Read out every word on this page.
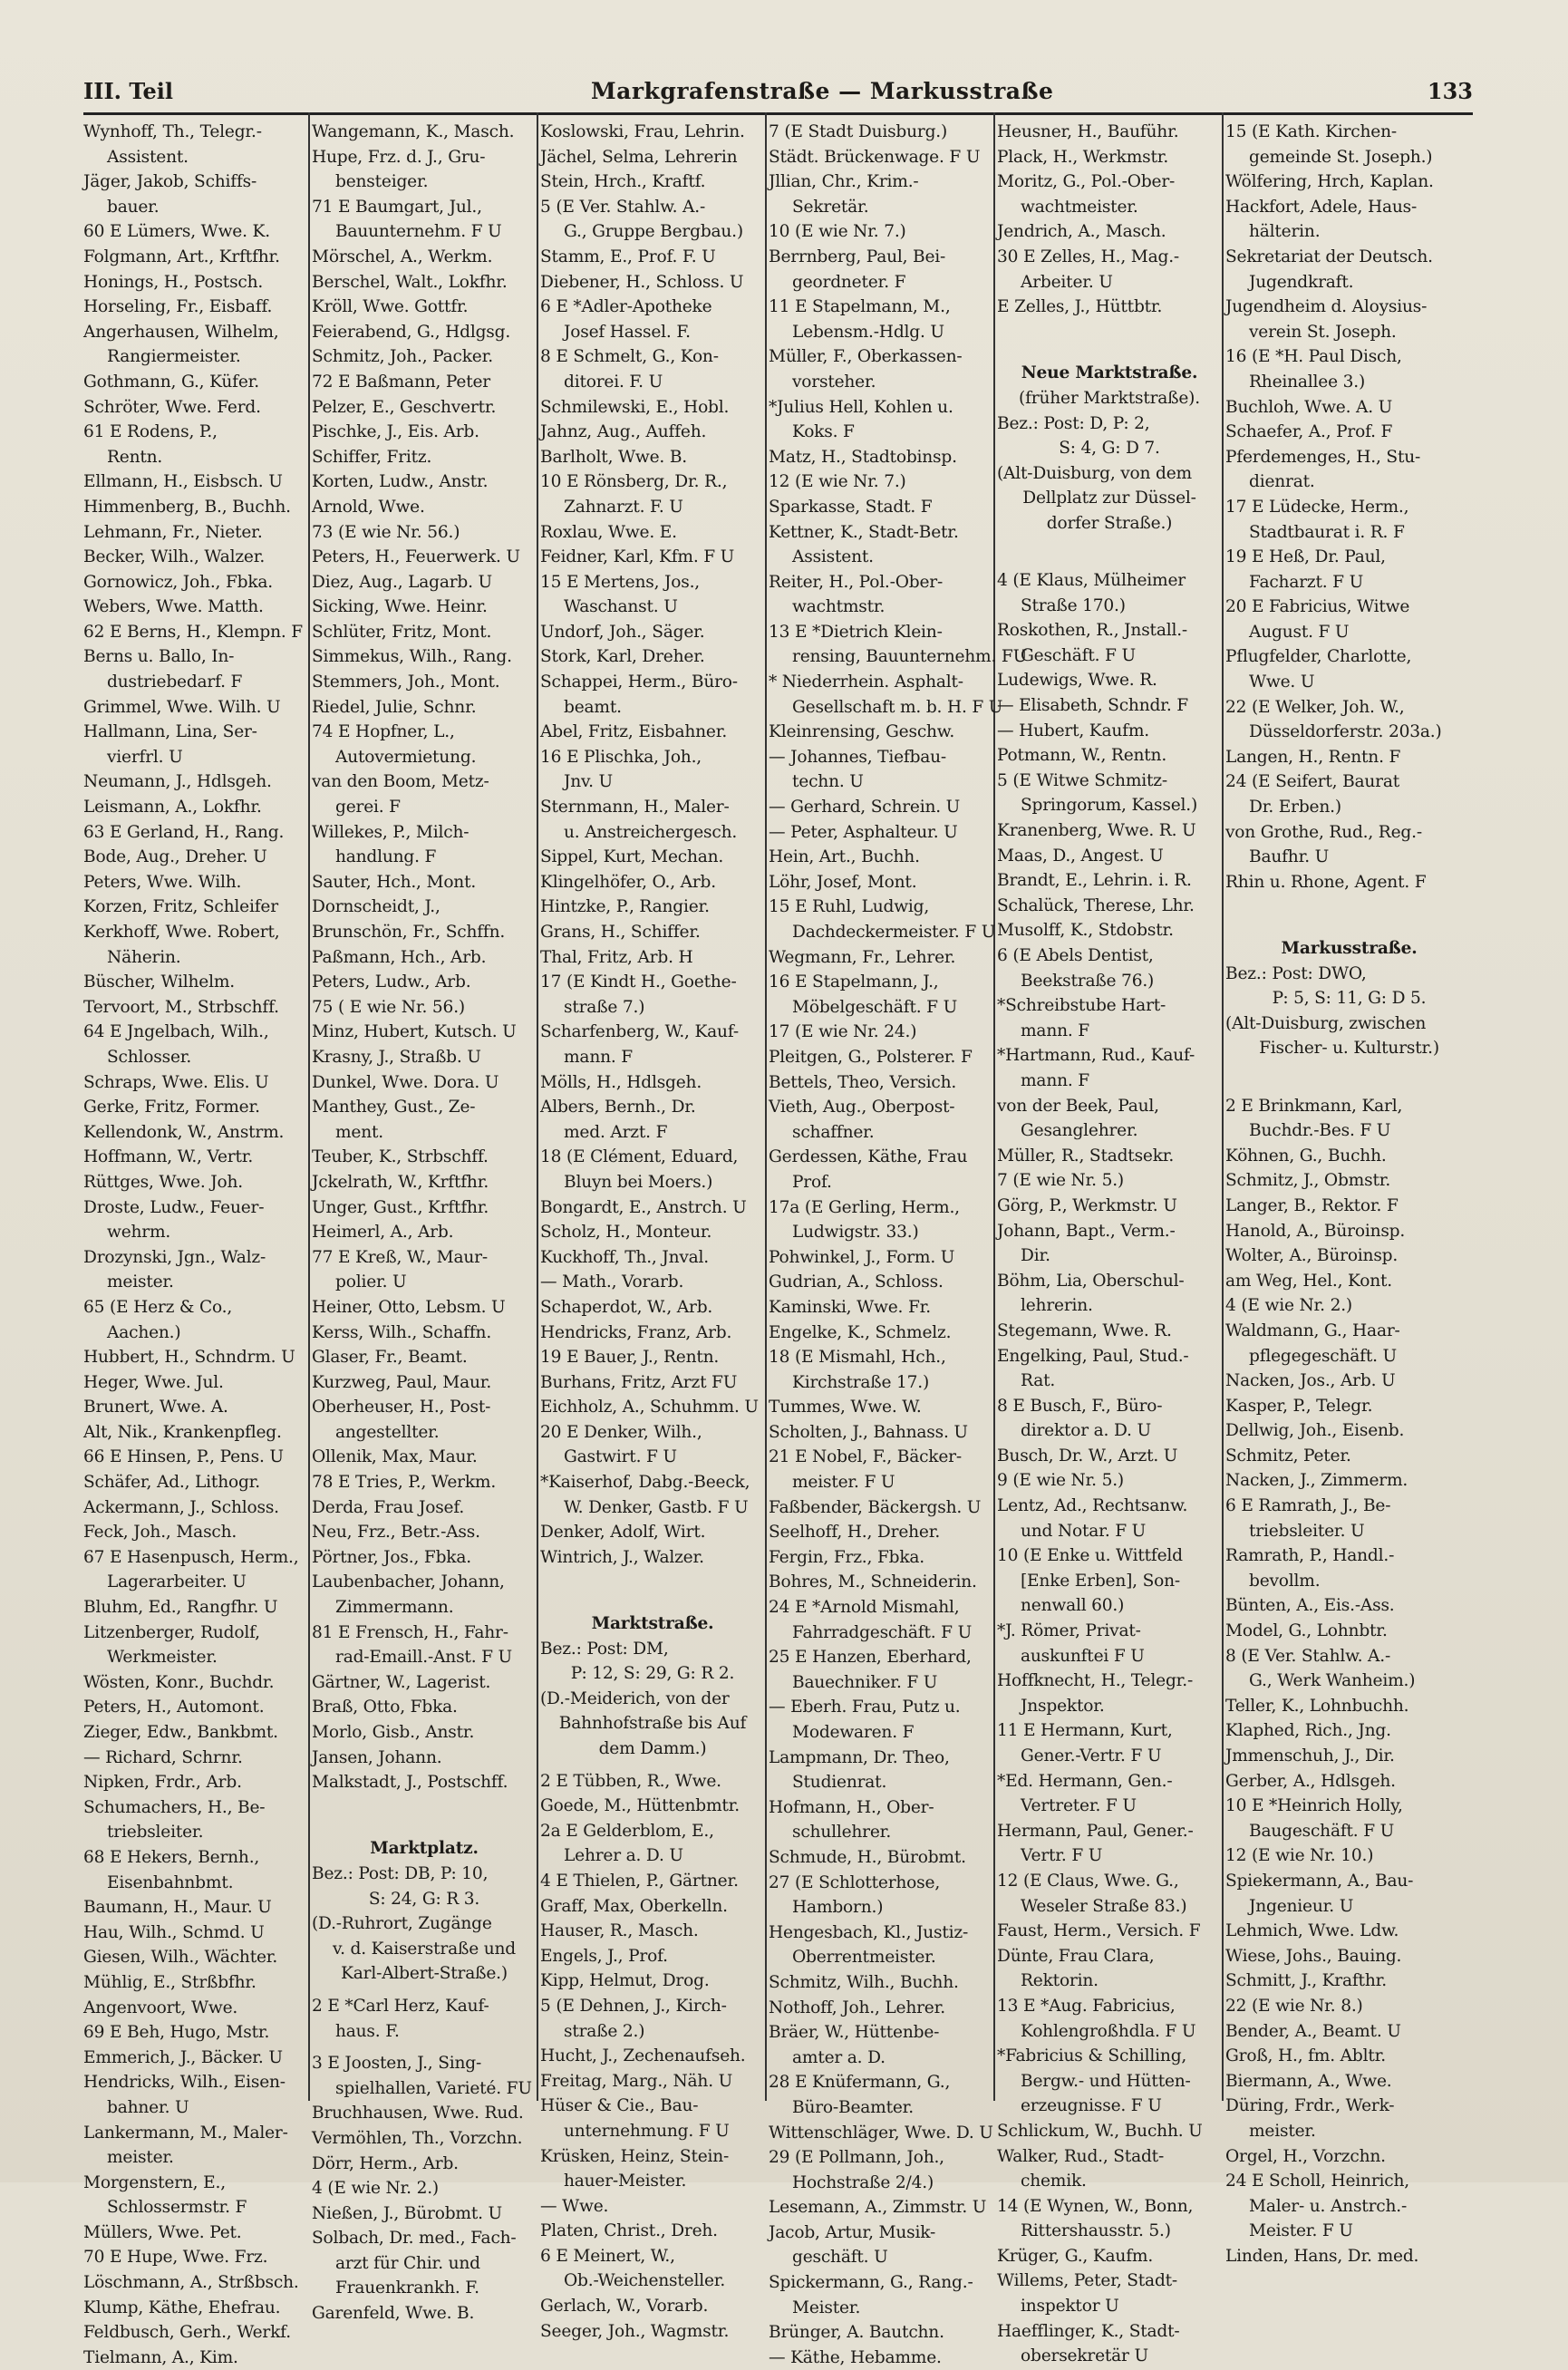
III. Teil	Markgrafenstraße — Markusstraße	133
Wynhoff, Th., Telegr.-
Assistent.
Jäger, Jakob, Schiffs-
bauer.
60 E Lümers, Wwe. K.
Folgmann, Art., Krftfhr.
Honings, H., Postsch.
Horseling, Fr., Eisbaff.
Angerhausen, Wilhelm,
Rangiermeister.
Gothmann, G., Küfer.
Schröter, Wwe. Ferd.
61 E Rodens, P.,
Rentn.
Ellmann, H., Eisbsch. U
Himmenberg, B., Buchh.
Lehmann, Fr., Nieter.
Becker, Wilh., Walzer.
Gornowicz, Joh., Fbka.
Webers, Wwe. Matth.
62 E Berns, H., Klempn. F
Berns u. Ballo, In-
dustriebedarf. F
Grimmel, Wwe. Wilh. U
Hallmann, Lina, Ser-
vierfrl. U
Neumann, J., Hdlsgeh.
Leismann, A., Lokfhr.
63 E Gerland, H., Rang.
Bode, Aug., Dreher. U
Peters, Wwe. Wilh.
Korzen, Fritz, Schleifer
Kerkhoff, Wwe. Robert,
Näherin.
Büscher, Wilhelm.
Tervoort, M., Strbschff.
64 E Jngelbach, Wilh.,
Schlosser.
Schraps, Wwe. Elis. U
Gerke, Fritz, Former.
Kellendonk, W., Anstrm.
Hoffmann, W., Vertr.
Rüttges, Wwe. Joh.
Droste, Ludw., Feuer-
wehrm.
Drozynski, Jgn., Walz-
meister.
65 (E Herz & Co.,
Aachen.)
Hubbert, H., Schndrm. U
Heger, Wwe. Jul.
Brunert, Wwe. A.
Alt, Nik., Krankenpfleg.
66 E Hinsen, P., Pens. U
Schäfer, Ad., Lithogr.
Ackermann, J., Schloss.
Feck, Joh., Masch.
67 E Hasenpusch, Herm.,
Lagerarbeiter. U
Bluhm, Ed., Rangfhr. U
Litzenberger, Rudolf,
Werkmeister.
Wösten, Konr., Buchdr.
Peters, H., Automont.
Zieger, Edw., Bankbmt.
— Richard, Schrnr.
Nipken, Frdr., Arb.
Schumachers, H., Be-
triebsleiter.
68 E Hekers, Bernh.,
Eisenbahnbmt.
Baumann, H., Maur. U
Hau, Wilh., Schmd. U
Giesen, Wilh., Wächter.
Mühlig, E., Strßbfhr.
Angenvoort, Wwe.
69 E Beh, Hugo, Mstr.
Emmerich, J., Bäcker. U
Hendricks, Wilh., Eisen-
bahner. U
Lankermann, M., Maler-
meister.
Morgenstern, E.,
Schlossermstr. F
Müllers, Wwe. Pet.
70 E Hupe, Wwe. Frz.
Löschmann, A., Strßbsch.
Klump, Käthe, Ehefrau.
Feldbusch, Gerh., Werkf.
Tielmann, A., Kim.
Wangemann, K., Masch.
Hupe, Frz. d. J., Gru-
bensteiger.
71 E Baumgart, Jul.,
Bauunternehm. F U
Mörschel, A., Werkm.
Berschel, Walt., Lokfhr.
Kröll, Wwe. Gottfr.
Feierabend, G., Hdlgsg.
Schmitz, Joh., Packer.
72 E Baßmann, Peter
Pelzer, E., Geschvertr.
Pischke, J., Eis. Arb.
Schiffer, Fritz.
Korten, Ludw., Anstr.
Arnold, Wwe.
73 (E wie Nr. 56.)
Peters, H., Feuerwerk. U
Diez, Aug., Lagarb. U
Sicking, Wwe. Heinr.
Schlüter, Fritz, Mont.
Simmekus, Wilh., Rang.
Stemmers, Joh., Mont.
Riedel, Julie, Schnr.
74 E Hopfner, L.,
Autovermietung.
van den Boom, Metz-
gerei. F
Willekes, P., Milch-
handlung. F
Sauter, Hch., Mont.
Dornscheidt, J.,
Brunschön, Fr., Schffn.
Paßmann, Hch., Arb.
Peters, Ludw., Arb.
75 ( E wie Nr. 56.)
Minz, Hubert, Kutsch. U
Krasny, J., Straßb. U
Dunkel, Wwe. Dora. U
Manthey, Gust., Ze-
ment.
Teuber, K., Strbschff.
Jckelrath, W., Krftfhr.
Unger, Gust., Krftfhr.
Heimerl, A., Arb.
77 E Kreß, W., Maur-
polier. U
Heiner, Otto, Lebsm. U
Kerss, Wilh., Schaffn.
Glaser, Fr., Beamt.
Kurzweg, Paul, Maur.
Oberheuser, H., Post-
angestellter.
Ollenik, Max, Maur.
78 E Tries, P., Werkm.
Derda, Frau Josef.
Neu, Frz., Betr.-Ass.
Pörtner, Jos., Fbka.
Laubenbacher, Johann,
Zimmermann.
81 E Frensch, H., Fahr-
rad-Emaill.-Anst. F U
Gärtner, W., Lagerist.
Braß, Otto, Fbka.
Morlo, Gisb., Anstr.
Jansen, Johann.
Malkstadt, J., Postschff.
Marktplatz.
Bez.: Post: DB, P: 10,
S: 24, G: R 3.
(D.-Ruhrort, Zugänge
v. d. Kaiserstraße und
Karl-Albert-Straße.)
2 E *Carl Herz, Kauf-
haus. F.
3 E Joosten, J., Sing-
spielhallen, Varieté. FU
Bruchhausen, Wwe. Rud.
Vermöhlen, Th., Vorzchn.
Dörr, Herm., Arb.
4 (E wie Nr. 2.)
Nießen, J., Bürobmt. U
Solbach, Dr. med., Fach-
arzt für Chir. und
Frauenkrankh. F.
Garenfeld, Wwe. B.
Koslowski, Frau, Lehrin.
Jächel, Selma, Lehrerin
Stein, Hrch., Kraftf.
5 (E Ver. Stahlw. A.-
G., Gruppe Bergbau.)
Stamm, E., Prof. F. U
Diebener, H., Schloss. U
6 E *Adler-Apotheke
Josef Hassel. F.
8 E Schmelt, G., Kon-
ditorei. F. U
Schmilewski, E., Hobl.
Jahnz, Aug., Auffeh.
Barlholt, Wwe. B.
10 E Rönsberg, Dr. R.,
Zahnarzt. F. U
Roxlau, Wwe. E.
Feidner, Karl, Kfm. F U
15 E Mertens, Jos.,
Waschanst. U
Undorf, Joh., Säger.
Stork, Karl, Dreher.
Schappei, Herm., Büro-
beamt.
Abel, Fritz, Eisbahner.
16 E Plischka, Joh.,
Jnv. U
Sternmann, H., Maler-
u. Anstreichergesch.
Sippel, Kurt, Mechan.
Klingelhöfer, O., Arb.
Hintzke, P., Rangier.
Grans, H., Schiffer.
Thal, Fritz, Arb. H
17 (E Kindt H., Goethe-
straße 7.)
Scharfenberg, W., Kauf-
mann. F
Mölls, H., Hdlsgeh.
Albers, Bernh., Dr.
med. Arzt. F
18 (E Clément, Eduard,
Bluyn bei Moers.)
Bongardt, E., Anstrch. U
Scholz, H., Monteur.
Kuckhoff, Th., Jnval.
— Math., Vorarb.
Schaperdot, W., Arb.
Hendricks, Franz, Arb.
19 E Bauer, J., Rentn.
Burhans, Fritz, Arzt FU
Eichholz, A., Schuhmm. U
20 E Denker, Wilh.,
Gastwirt. F U
*Kaiserhof, Dabg.-Beeck,
W. Denker, Gastb. F U
Denker, Adolf, Wirt.
Wintrich, J., Walzer.
Marktstraße.
Bez.: Post: DM,
P: 12, S: 29, G: R 2.
(D.-Meiderich, von der
Bahnhofstraße bis Auf
dem Damm.)
2 E Tübben, R., Wwe.
Goede, M., Hüttenbmtr.
2a E Gelderblom, E.,
Lehrer a. D. U
4 E Thielen, P., Gärtner.
Graff, Max, Oberkelln.
Hauser, R., Masch.
Engels, J., Prof.
Kipp, Helmut, Drog.
5 (E Dehnen, J., Kirch-
straße 2.)
Hucht, J., Zechenaufseh.
Freitag, Marg., Näh. U
Hüser & Cie., Bau-
unternehmung. F U
Krüsken, Heinz, Stein-
hauer-Meister.
— Wwe.
Platen, Christ., Dreh.
6 E Meinert, W.,
Ob.-Weichensteller.
Gerlach, W., Vorarb.
Seeger, Joh., Wagmstr.
7 (E Stadt Duisburg.)
Städt. Brückenwage. F U
Jllian, Chr., Krim.-
Sekretär.
10 (E wie Nr. 7.)
Berrnberg, Paul, Bei-
geordneter. F
11 E Stapelmann, M.,
Lebensm.-Hdlg. U
Müller, F., Oberkassen-
vorsteher.
*Julius Hell, Kohlen u.
Koks. F
Matz, H., Stadtobinsp.
12 (E wie Nr. 7.)
Sparkasse, Stadt. F
Kettner, K., Stadt-Betr.
Assistent.
Reiter, H., Pol.-Ober-
wachtmstr.
13 E *Dietrich Klein-
rensing, Bauunternehm. FU
* Niederrhein. Asphalt-
Gesellschaft m. b. H. F U
Kleinrensing, Geschw.
— Johannes, Tiefbau-
techn. U
— Gerhard, Schrein. U
— Peter, Asphalteur. U
Hein, Art., Buchh.
Löhr, Josef, Mont.
15 E Ruhl, Ludwig,
Dachdeckermeister. F U
Wegmann, Fr., Lehrer.
16 E Stapelmann, J.,
Möbelgeschäft. F U
17 (E wie Nr. 24.)
Pleitgen, G., Polsterer. F
Bettels, Theo, Versich.
Vieth, Aug., Oberpost-
schaffner.
Gerdessen, Käthe, Frau
Prof.
17a (E Gerling, Herm.,
Ludwigstr. 33.)
Pohwinkel, J., Form. U
Gudrian, A., Schloss.
Kaminski, Wwe. Fr.
Engelke, K., Schmelz.
18 (E Mismahl, Hch.,
Kirchstraße 17.)
Tummes, Wwe. W.
Scholten, J., Bahnass. U
21 E Nobel, F., Bäcker-
meister. F U
Faßbender, Bäckergsh. U
Seelhoff, H., Dreher.
Fergin, Frz., Fbka.
Bohres, M., Schneiderin.
24 E *Arnold Mismahl,
Fahrradgeschäft. F U
25 E Hanzen, Eberhard,
Bauechniker. F U
— Eberh. Frau, Putz u.
Modewaren. F
Lampmann, Dr. Theo,
Studienrat.
Hofmann, H., Ober-
schullehrer.
Schmude, H., Bürobmt.
27 (E Schlotterhose,
Hamborn.)
Hengesbach, Kl., Justiz-
Oberrentmeister.
Schmitz, Wilh., Buchh.
Nothoff, Joh., Lehrer.
Bräer, W., Hüttenbe-
amter a. D.
28 E Knüfermann, G.,
Büro-Beamter.
Wittenschläger, Wwe. D. U
29 (E Pollmann, Joh.,
Hochstraße 2/4.)
Lesemann, A., Zimmstr. U
Jacob, Artur, Musik-
geschäft. U
Spickermann, G., Rang.-
Meister.
Brünger, A. Bautchn.
— Käthe, Hebamme.
Heusner, H., Bauführ.
Plack, H., Werkmstr.
Moritz, G., Pol.-Ober-
wachtmeister.
Jendrich, A., Masch.
30 E Zelles, H., Mag.-
Arbeiter. U
E Zelles, J., Hüttbtr.
Neue Marktstraße.
(früher Marktstraße).
Bez.: Post: D, P: 2,
S: 4, G: D 7.
(Alt-Duisburg, von dem
Dellplatz zur Düssel-
dorfer Straße.)
4 (E Klaus, Mülheimer
Straße 170.)
Roskothen, R., Jnstall.-
Geschäft. F U
Ludewigs, Wwe. R.
— Elisabeth, Schndr. F
— Hubert, Kaufm.
Potmann, W., Rentn.
5 (E Witwe Schmitz-
Springorum, Kassel.)
Kranenberg, Wwe. R. U
Maas, D., Angest. U
Brandt, E., Lehrin. i. R.
Schalück, Therese, Lhr.
Musolff, K., Stdobstr.
6 (E Abels Dentist,
Beekstraße 76.)
*Schreibstube Hart-
mann. F
*Hartmann, Rud., Kauf-
mann. F
von der Beek, Paul,
Gesanglehrer.
Müller, R., Stadtsekr.
7 (E wie Nr. 5.)
Görg, P., Werkmstr. U
Johann, Bapt., Verm.-
Dir.
Böhm, Lia, Oberschul-
lehrerin.
Stegemann, Wwe. R.
Engelking, Paul, Stud.-
Rat.
8 E Busch, F., Büro-
direktor a. D. U
Busch, Dr. W., Arzt. U
9 (E wie Nr. 5.)
Lentz, Ad., Rechtsanw.
und Notar. F U
10 (E Enke u. Wittfeld
[Enke Erben], Son-
nenwall 60.)
*J. Römer, Privat-
auskunftei F U
Hoffknecht, H., Telegr.-
Jnspektor.
11 E Hermann, Kurt,
Gener.-Vertr. F U
*Ed. Hermann, Gen.-
Vertreter. F U
Hermann, Paul, Gener.-
Vertr. F U
12 (E Claus, Wwe. G.,
Weseler Straße 83.)
Faust, Herm., Versich. F
Dünte, Frau Clara,
Rektorin.
13 E *Aug. Fabricius,
Kohlengroßhdla. F U
*Fabricius & Schilling,
Bergw.- und Hütten-
erzeugnisse. F U
Schlickum, W., Buchh. U
Walker, Rud., Stadt-
chemik.
14 (E Wynen, W., Bonn,
Rittershausstr. 5.)
Krüger, G., Kaufm.
Willems, Peter, Stadt-
inspektor U
Haefflinger, K., Stadt-
obersekretär U
15 (E Kath. Kirchen-
gemeinde St. Joseph.)
Wölfering, Hrch, Kaplan.
Hackfort, Adele, Haus-
hälterin.
Sekretariat der Deutsch.
Jugendkraft.
Jugendheim d. Aloysius-
verein St. Joseph.
16 (E *H. Paul Disch,
Rheinallee 3.)
Buchloh, Wwe. A. U
Schaefer, A., Prof. F
Pferdemenges, H., Stu-
dienrat.
17 E Lüdecke, Herm.,
Stadtbaurat i. R. F
19 E Heß, Dr. Paul,
Facharzt. F U
20 E Fabricius, Witwe
August. F U
Pflugfelder, Charlotte,
Wwe. U
22 (E Welker, Joh. W.,
Düsseldorferstr. 203a.)
Langen, H., Rentn. F
24 (E Seifert, Baurat
Dr. Erben.)
von Grothe, Rud., Reg.-
Baufhr. U
Rhin u. Rhone, Agent. F
Markusstraße.
Bez.: Post: DWO,
P: 5, S: 11, G: D 5.
(Alt-Duisburg, zwischen
Fischer- u. Kulturstr.)
2 E Brinkmann, Karl,
Buchdr.-Bes. F U
Köhnen, G., Buchh.
Schmitz, J., Obmstr.
Langer, B., Rektor. F
Hanold, A., Büroinsp.
Wolter, A., Büroinsp.
am Weg, Hel., Kont.
4 (E wie Nr. 2.)
Waldmann, G., Haar-
pflegegeschäft. U
Nacken, Jos., Arb. U
Kasper, P., Telegr.
Dellwig, Joh., Eisenb.
Schmitz, Peter.
Nacken, J., Zimmerm.
6 E Ramrath, J., Be-
triebsleiter. U
Ramrath, P., Handl.-
bevollm.
Bünten, A., Eis.-Ass.
Model, G., Lohnbtr.
8 (E Ver. Stahlw. A.-
G., Werk Wanheim.)
Teller, K., Lohnbuchh.
Klaphed, Rich., Jng.
Jmmenschuh, J., Dir.
Gerber, A., Hdlsgeh.
10 E *Heinrich Holly,
Baugeschäft. F U
12 (E wie Nr. 10.)
Spiekermann, A., Bau-
Jngenieur. U
Lehmich, Wwe. Ldw.
Wiese, Johs., Bauing.
Schmitt, J., Krafthr.
22 (E wie Nr. 8.)
Bender, A., Beamt. U
Groß, H., fm. Abltr.
Biermann, A., Wwe.
Düring, Frdr., Werk-
meister.
Orgel, H., Vorzchn.
24 E Scholl, Heinrich,
Maler- u. Anstrch.-
Meister. F U
Linden, Hans, Dr. med.
